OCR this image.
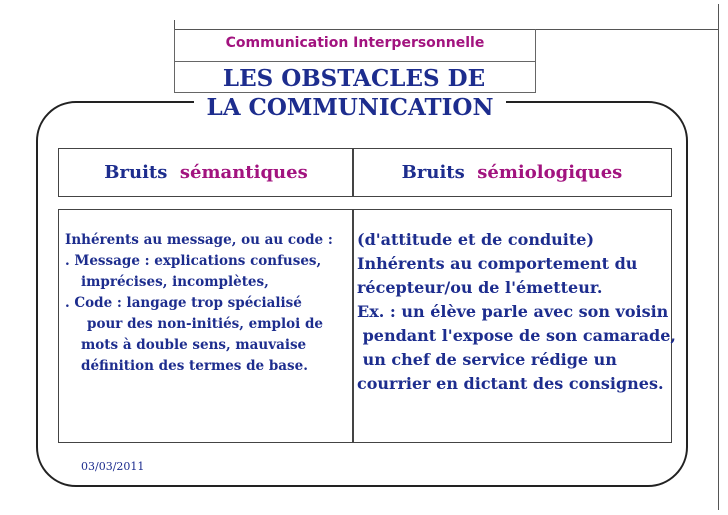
Communication Interpersonnelle
LES OBSTACLES DE
LA COMMUNICATION
Bruits sémantiques	Bruits sémiologiques
Inhérents au message, ou au code :
. Message : explications confuses,
imprécises, incomplètes,
. Code : langage trop spécialisé
pour des non-initiés, emploi de
mots à double sens, mauvaise
définition des termes de base.
(d'attitude et de conduite)
Inhérents au comportement du
récepteur/ou de l'émetteur.
Ex. : un élève parle avec son voisin
pendant l'expose de son camarade,
un chef de service rédige un
courrier en dictant des consignes.
03/03/2011
